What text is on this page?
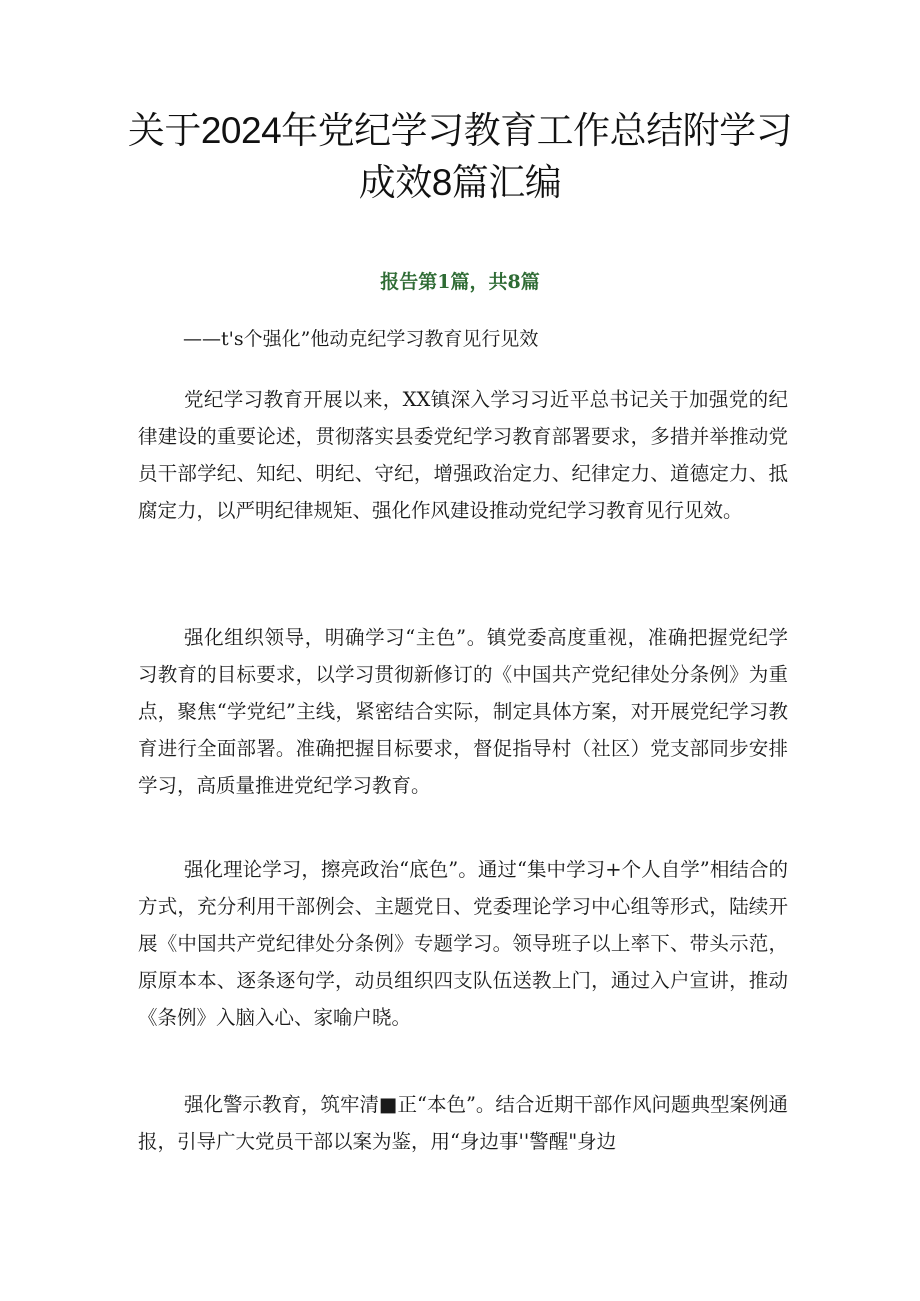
关于2024年党纪学习教育工作总结附学习成效8篇汇编
报告第1篇，共8篇
——t's个强化”他动克纪学习教育见行见效

党纪学习教育开展以来，XX镇深入学习习近平总书记关于加强党的纪律建设的重要论述，贯彻落实县委党纪学习教育部署要求，多措并举推动党员干部学纪、知纪、明纪、守纪，增强政治定力、纪律定力、道德定力、抵腐定力，以严明纪律规矩、强化作风建设推动党纪学习教育见行见效。

强化组织领导，明确学习“主色”。镇党委高度重视，准确把握党纪学习教育的目标要求，以学习贯彻新修订的《中国共产党纪律处分条例》为重点，聚焦“学党纪”主线，紧密结合实际，制定具体方案，对开展党纪学习教育进行全面部署。准确把握目标要求，督促指导村（社区）党支部同步安排学习，高质量推进党纪学习教育。

强化理论学习，擦亮政治“底色”。通过“集中学习+个人自学”相结合的方式，充分利用干部例会、主题党日、党委理论学习中心组等形式，陆续开展《中国共产党纪律处分条例》专题学习。领导班子以上率下、带头示范，原原本本、逐条逐句学，动员组织四支队伍送教上门，通过入户宣讲，推动《条例》入脑入心、家喻户晓。

强化警示教育，筑牢清■正“本色”。结合近期干部作风问题典型案例通报，引导广大党员干部以案为鉴，用“身边事''警醒"身边
